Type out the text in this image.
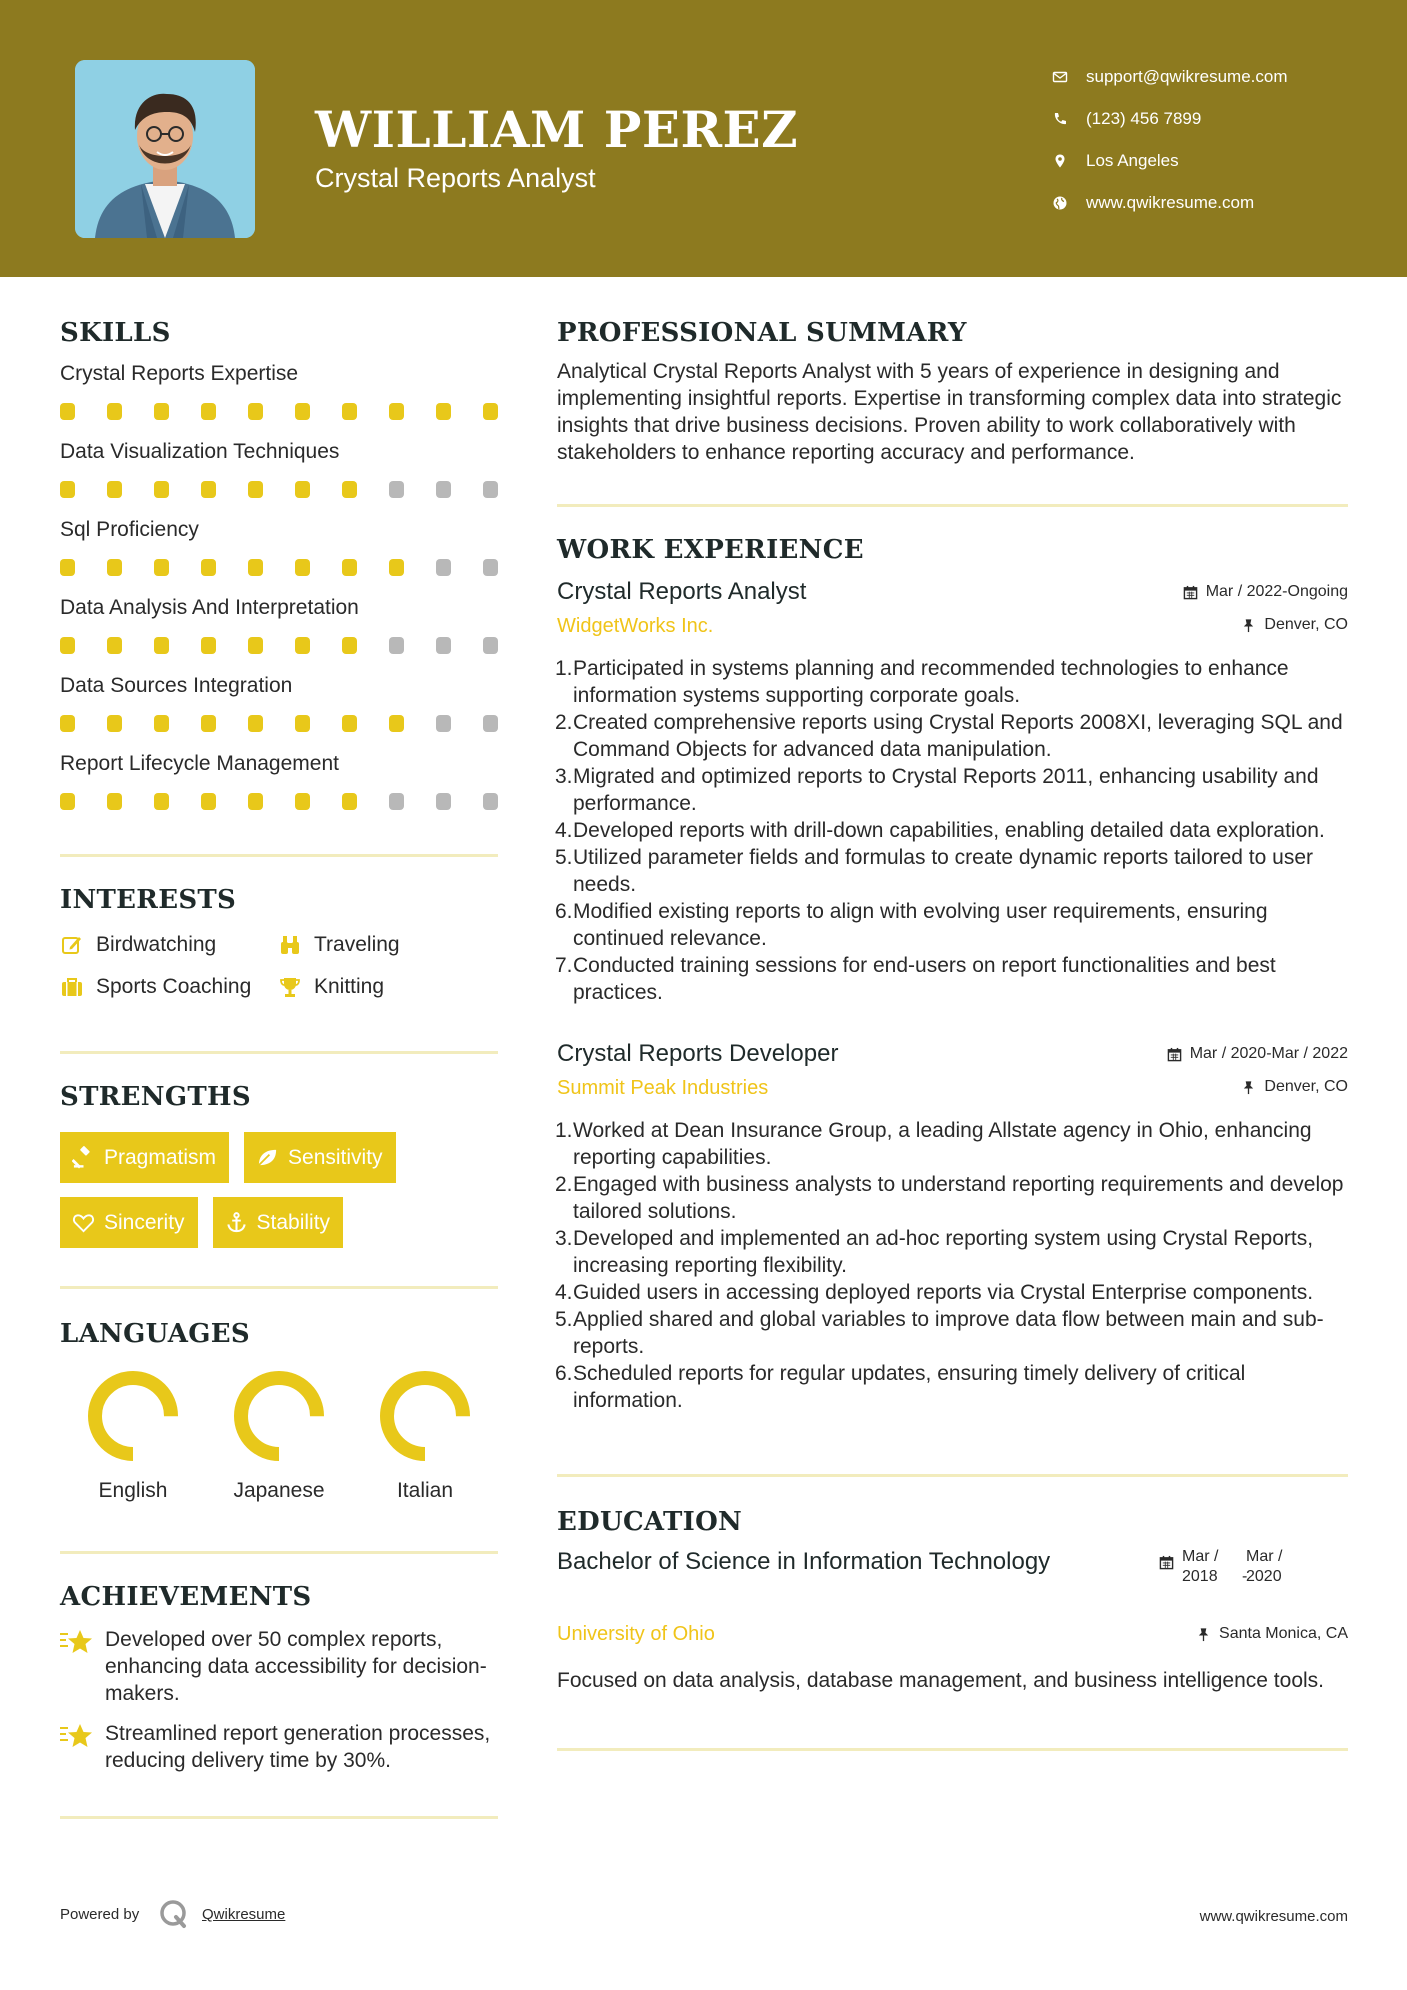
WILLIAM PEREZ
Crystal Reports Analyst
support@qwikresume.com
(123) 456 7899
Los Angeles
www.qwikresume.com
SKILLS
Crystal Reports Expertise
Data Visualization Techniques
Sql Proficiency
Data Analysis And Interpretation
Data Sources Integration
Report Lifecycle Management
INTERESTS
Birdwatching	Traveling
Sports Coaching	Knitting
STRENGTHS
Pragmatism	Sensitivity
Sincerity	Stability
LANGUAGES
English	Japanese	Italian
ACHIEVEMENTS
Developed over 50 complex reports, enhancing data accessibility for decision-makers.
Streamlined report generation processes, reducing delivery time by 30%.
PROFESSIONAL SUMMARY
Analytical Crystal Reports Analyst with 5 years of experience in designing and implementing insightful reports. Expertise in transforming complex data into strategic insights that drive business decisions. Proven ability to work collaboratively with stakeholders to enhance reporting accuracy and performance.
WORK EXPERIENCE
Crystal Reports Analyst
WidgetWorks Inc.
Mar / 2022-Ongoing
Denver, CO
1. Participated in systems planning and recommended technologies to enhance information systems supporting corporate goals.
2. Created comprehensive reports using Crystal Reports 2008XI, leveraging SQL and Command Objects for advanced data manipulation.
3. Migrated and optimized reports to Crystal Reports 2011, enhancing usability and performance.
4. Developed reports with drill-down capabilities, enabling detailed data exploration.
5. Utilized parameter fields and formulas to create dynamic reports tailored to user needs.
6. Modified existing reports to align with evolving user requirements, ensuring continued relevance.
7. Conducted training sessions for end-users on report functionalities and best practices.
Crystal Reports Developer
Summit Peak Industries
Mar / 2020-Mar / 2022
Denver, CO
1. Worked at Dean Insurance Group, a leading Allstate agency in Ohio, enhancing reporting capabilities.
2. Engaged with business analysts to understand reporting requirements and develop tailored solutions.
3. Developed and implemented an ad-hoc reporting system using Crystal Reports, increasing reporting flexibility.
4. Guided users in accessing deployed reports via Crystal Enterprise components.
5. Applied shared and global variables to improve data flow between main and sub-reports.
6. Scheduled reports for regular updates, ensuring timely delivery of critical information.
EDUCATION
Bachelor of Science in Information Technology
University of Ohio
Mar / 2018	-
Mar / 2020
Santa Monica, CA
Focused on data analysis, database management, and business intelligence tools.
Powered by	Qwikresume	www.qwikresume.com
